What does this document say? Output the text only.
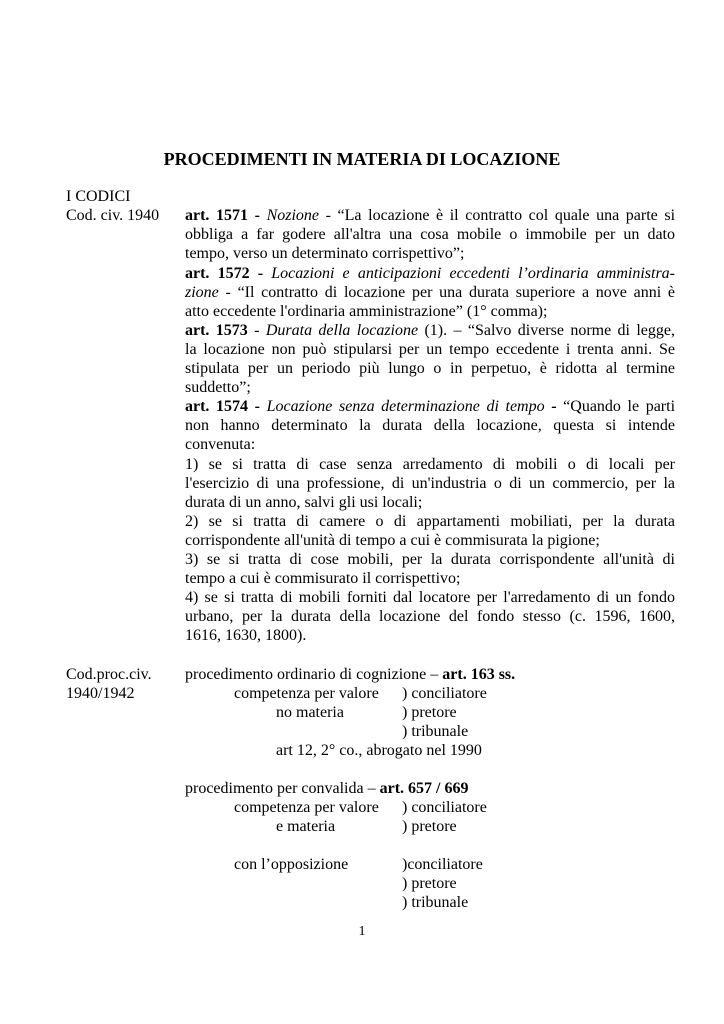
PROCEDIMENTI IN MATERIA DI LOCAZIONE
I CODICI
Cod. civ. 1940 art. 1571 - Nozione - “La locazione è il contratto col quale una parte si
obbliga a far godere all'altra una cosa mobile o immobile per un dato
tempo, verso un determinato corrispettivo”;
art. 1572 - Locazioni e anticipazioni eccedenti l’ordinaria amministra-
zione - “Il contratto di locazione per una durata superiore a nove anni è
atto eccedente l'ordinaria amministrazione” (1° comma);
art. 1573 - Durata della locazione (1). – “Salvo diverse norme di legge,
la locazione non può stipularsi per un tempo eccedente i trenta anni. Se
stipulata per un periodo più lungo o in perpetuo, è ridotta al termine
suddetto”;
art. 1574 - Locazione senza determinazione di tempo - “Quando le parti
non hanno determinato la durata della locazione, questa si intende
convenuta:
1) se si tratta di case senza arredamento di mobili o di locali per
l'esercizio di una professione, di un'industria o di un commercio, per la
durata di un anno, salvi gli usi locali;
2) se si tratta di camere o di appartamenti mobiliati, per la durata
corrispondente all'unità di tempo a cui è commisurata la pigione;
3) se si tratta di cose mobili, per la durata corrispondente all'unità di
tempo a cui è commisurato il corrispettivo;
4) se si tratta di mobili forniti dal locatore per l'arredamento di un fondo
urbano, per la durata della locazione del fondo stesso (c. 1596, 1600,
1616, 1630, 1800).
Cod.proc.civ.
1940/1942
procedimento ordinario di cognizione – art. 163 ss.
competenza per valore ) conciliatore
no materia	) pretore
) tribunale
art 12, 2° co., abrogato nel 1990
procedimento per convalida – art. 657 / 669
competenza per valore ) conciliatore
e materia	) pretore
con l’opposizione	)conciliatore
) pretore
) tribunale
1
